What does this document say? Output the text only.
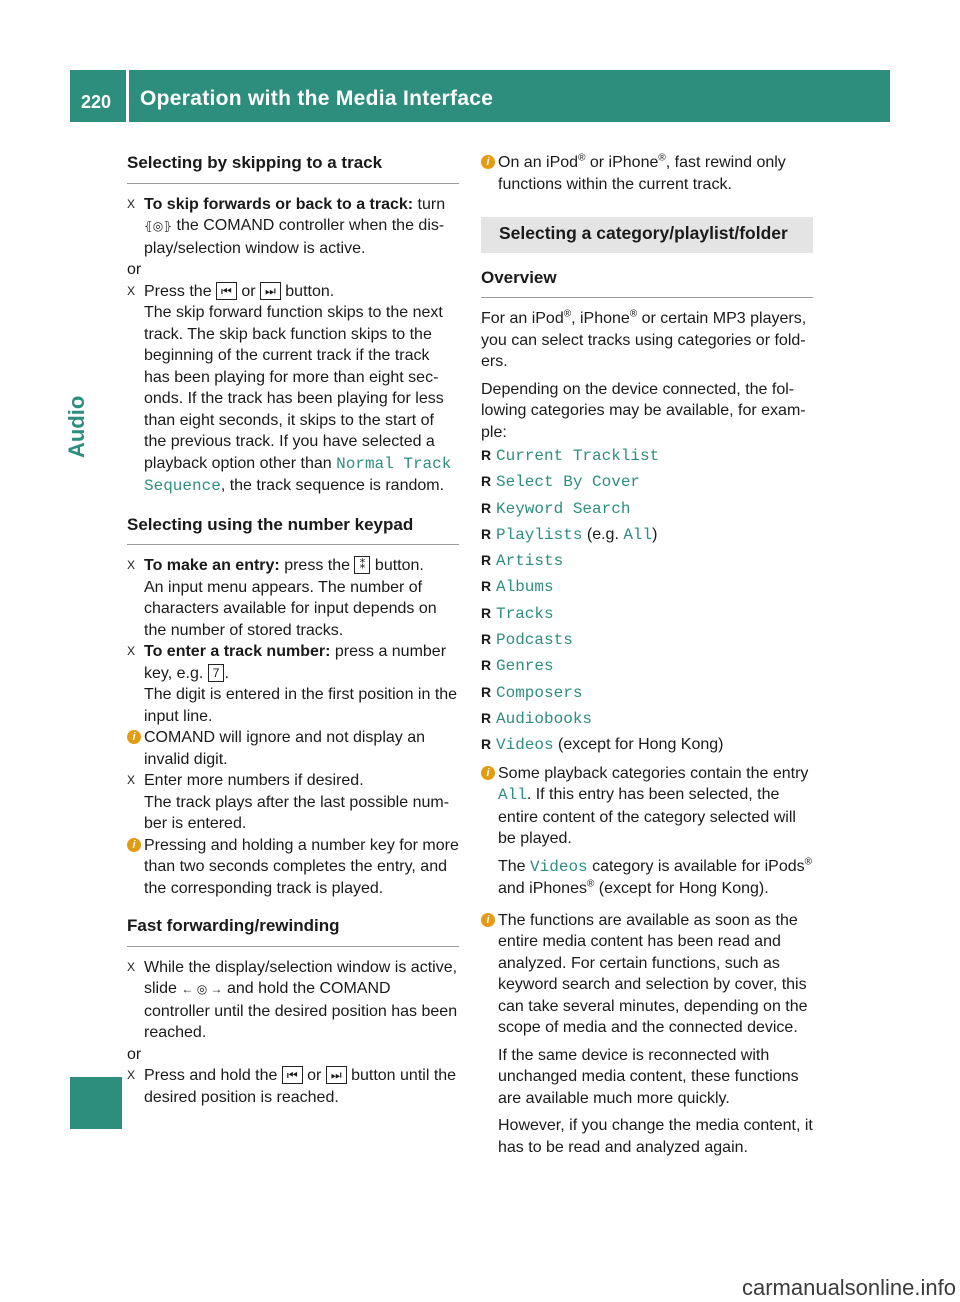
220 Operation with the Media Interface
Audio
Selecting by skipping to a track
X To skip forwards or back to a track: turn
⦃◎⦄ the COMAND controller when the display/selection window is active.
or
X Press the ⏮ or ⏭ button.
The skip forward function skips to the next track. The skip back function skips to the beginning of the current track if the track has been playing for more than eight seconds. If the track has been playing for less than eight seconds, it skips to the start of the previous track. If you have selected a playback option other than Normal Track Sequence, the track sequence is random.
Selecting using the number keypad
X To make an entry: press the ⁑ button.
An input menu appears. The number of characters available for input depends on the number of stored tracks.
X To enter a track number: press a number key, e.g. 7 .
The digit is entered in the first position in the input line.
i COMAND will ignore and not display an invalid digit.
X Enter more numbers if desired.
The track plays after the last possible number is entered.
i Pressing and holding a number key for more than two seconds completes the entry, and the corresponding track is played.
Fast forwarding/rewinding
X While the display/selection window is active, slide ← ◎ → and hold the COMAND controller until the desired position has been reached.
or
X Press and hold the ⏮ or ⏭ button until the desired position is reached.
i On an iPod® or iPhone®, fast rewind only functions within the current track.
Selecting a category/playlist/folder
Overview
For an iPod®, iPhone® or certain MP3 players, you can select tracks using categories or folders.
Depending on the device connected, the following categories may be available, for example:
R Current Tracklist
R Select By Cover
R Keyword Search
R Playlists (e.g. All)
R Artists
R Albums
R Tracks
R Podcasts
R Genres
R Composers
R Audiobooks
R Videos (except for Hong Kong)
i Some playback categories contain the entry All. If this entry has been selected, the entire content of the category selected will be played.
The Videos category is available for iPods® and iPhones® (except for Hong Kong).
i The functions are available as soon as the entire media content has been read and analyzed. For certain functions, such as keyword search and selection by cover, this can take several minutes, depending on the scope of media and the connected device.
If the same device is reconnected with unchanged media content, these functions are available much more quickly.
However, if you change the media content, it has to be read and analyzed again.
carmanualsonline.info
